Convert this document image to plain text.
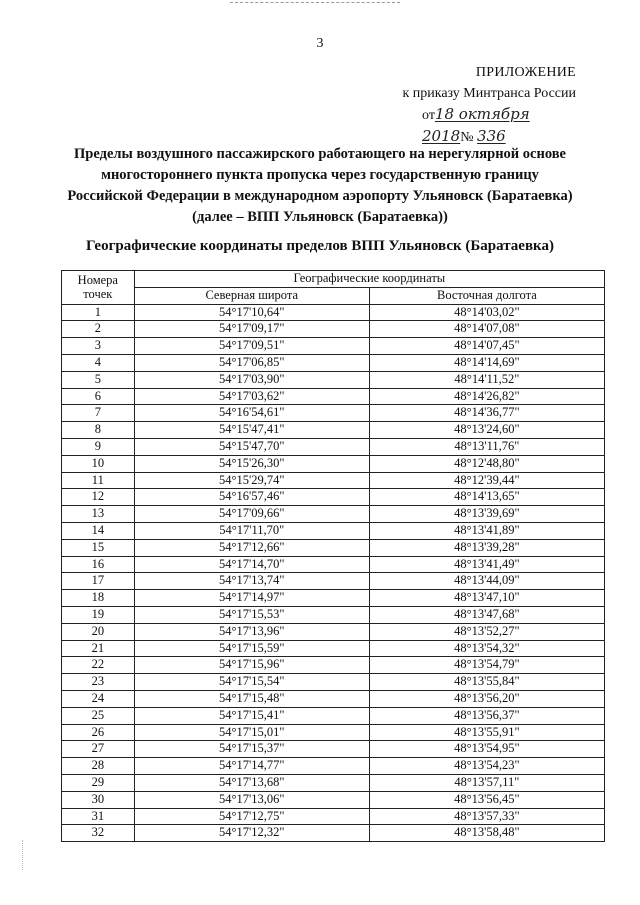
3
ПРИЛОЖЕНИЕ
к приказу Минтранса России
от18 октября 2018№ 336
Пределы воздушного пассажирского работающего на нерегулярной основе
многостороннего пункта пропуска через государственную границу
Российской Федерации в международном аэропорту Ульяновск (Баратаевка)
(далее – ВПП Ульяновск (Баратаевка))
Географические координаты пределов ВПП Ульяновск (Баратаевка)
Номера точек	Географические координаты	
	Северная широта	Восточная долгота
1	54°17'10,64"	48°14'03,02"
2	54°17'09,17"	48°14'07,08"
3	54°17'09,51"	48°14'07,45"
4	54°17'06,85"	48°14'14,69"
5	54°17'03,90"	48°14'11,52"
6	54°17'03,62"	48°14'26,82"
7	54°16'54,61"	48°14'36,77"
8	54°15'47,41"	48°13'24,60"
9	54°15'47,70"	48°13'11,76"
10	54°15'26,30"	48°12'48,80"
11	54°15'29,74"	48°12'39,44"
12	54°16'57,46"	48°14'13,65"
13	54°17'09,66"	48°13'39,69"
14	54°17'11,70"	48°13'41,89"
15	54°17'12,66"	48°13'39,28"
16	54°17'14,70"	48°13'41,49"
17	54°17'13,74"	48°13'44,09"
18	54°17'14,97"	48°13'47,10"
19	54°17'15,53"	48°13'47,68"
20	54°17'13,96"	48°13'52,27"
21	54°17'15,59"	48°13'54,32"
22	54°17'15,96"	48°13'54,79"
23	54°17'15,54"	48°13'55,84"
24	54°17'15,48"	48°13'56,20"
25	54°17'15,41"	48°13'56,37"
26	54°17'15,01"	48°13'55,91"
27	54°17'15,37"	48°13'54,95"
28	54°17'14,77"	48°13'54,23"
29	54°17'13,68"	48°13'57,11"
30	54°17'13,06"	48°13'56,45"
31	54°17'12,75"	48°13'57,33"
32	54°17'12,32"	48°13'58,48"
